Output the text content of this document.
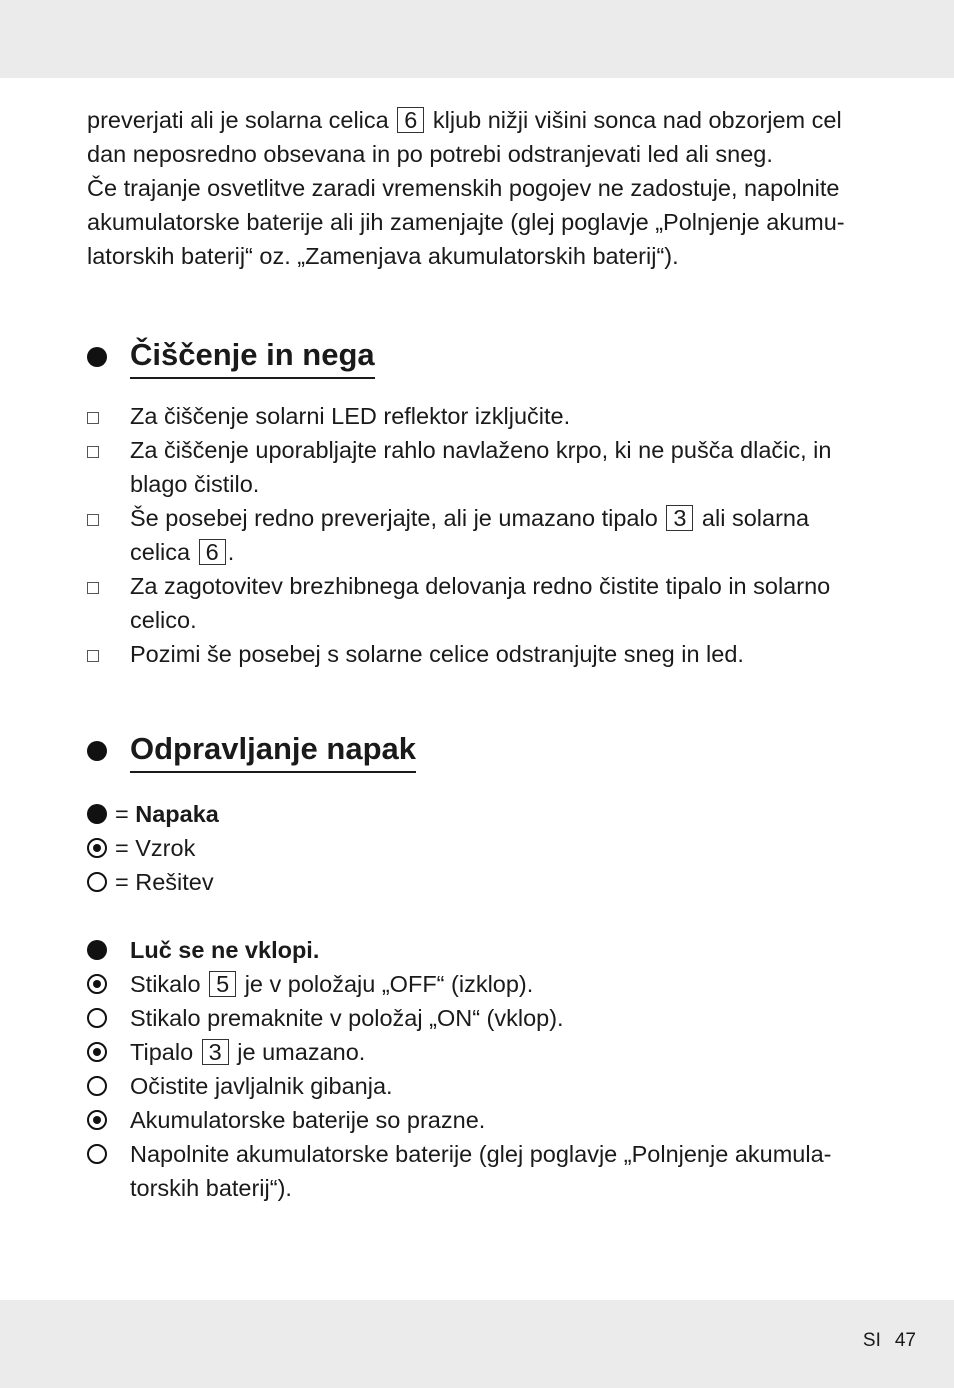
preverjati ali je solarna celica 6 kljub nižji višini sonca nad obzorjem cel dan neposredno obsevana in po potrebi odstranjevati led ali sneg.

Če trajanje osvetlitve zaradi vremenskih pogojev ne zadostuje, napolnite akumulatorske baterije ali jih zamenjajte (glej poglavje „Polnjenje akumu-latorskih baterij“ oz. „Zamenjava akumulatorskih baterij“).

Čiščenje in nega
Za čiščenje solarni LED reflektor izključite.
Za čiščenje uporabljajte rahlo navlaženo krpo, ki ne pušča dlačic, in blago čistilo.
Še posebej redno preverjajte, ali je umazano tipalo 3 ali solarna celica 6 .
Za zagotovitev brezhibnega delovanja redno čistite tipalo in solarno celico.
Pozimi še posebej s solarne celice odstranjujte sneg in led.
Odpravljanje napak
= Napaka
= Vzrok
= Rešitev
Luč se ne vklopi.
Stikalo 5 je v položaju „OFF“ (izklop).
Stikalo premaknite v položaj „ON“ (vklop).
Tipalo 3 je umazano.
Očistite javljalnik gibanja.
Akumulatorske baterije so prazne.
Napolnite akumulatorske baterije (glej poglavje „Polnjenje akumula-torskih baterij“).
SI 47
